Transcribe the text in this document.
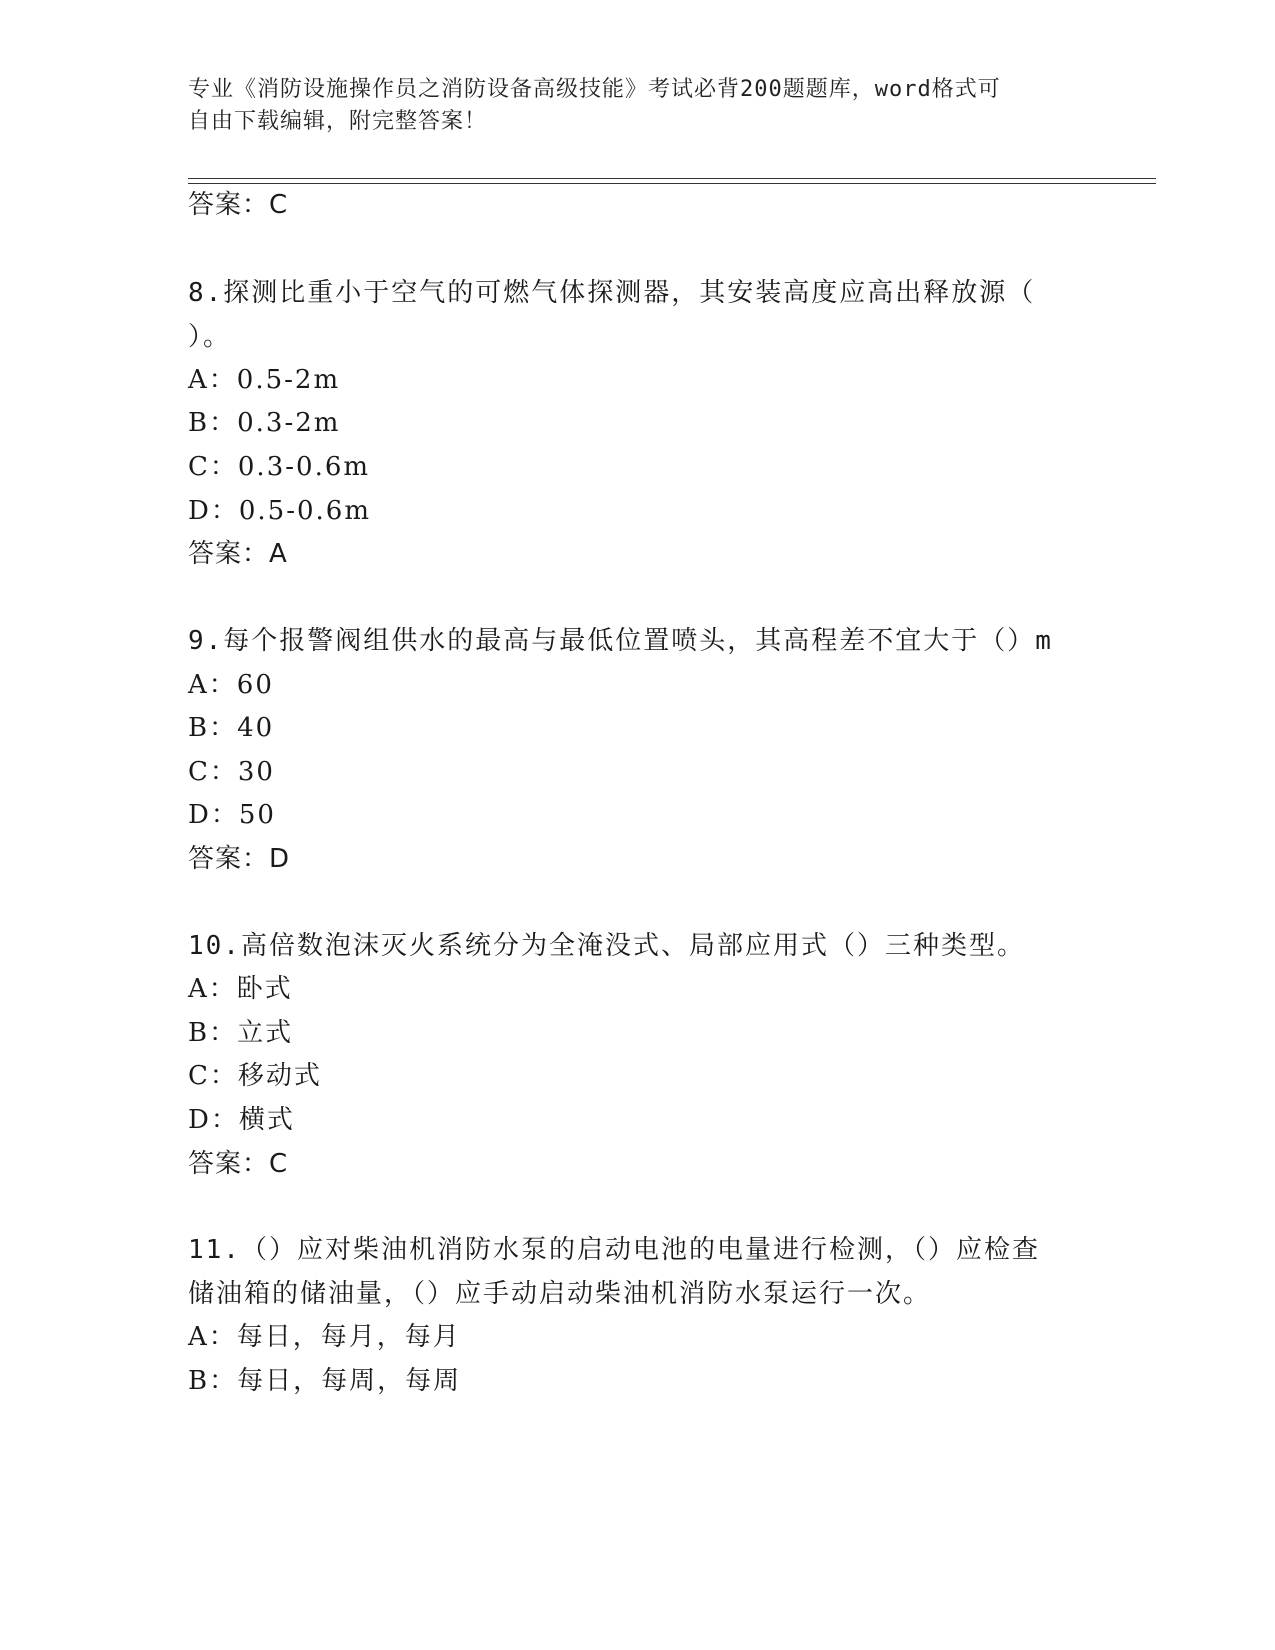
专业《消防设施操作员之消防设备高级技能》考试必背200题题库，word格式可
自由下载编辑，附完整答案！
答案：C
8.探测比重小于空气的可燃气体探测器，其安装高度应高出释放源（
）。
A：0.5-2m
B：0.3-2m
C：0.3-0.6m
D：0.5-0.6m
答案：A
9.每个报警阀组供水的最高与最低位置喷头，其高程差不宜大于（）m
A：60
B：40
C：30
D：50
答案：D
10.高倍数泡沫灭火系统分为全淹没式、局部应用式（）三种类型。
A：卧式
B：立式
C：移动式
D：横式
答案：C
11.（）应对柴油机消防水泵的启动电池的电量进行检测，（）应检查
储油箱的储油量，（）应手动启动柴油机消防水泵运行一次。
A：每日，每月，每月
B：每日，每周，每周
